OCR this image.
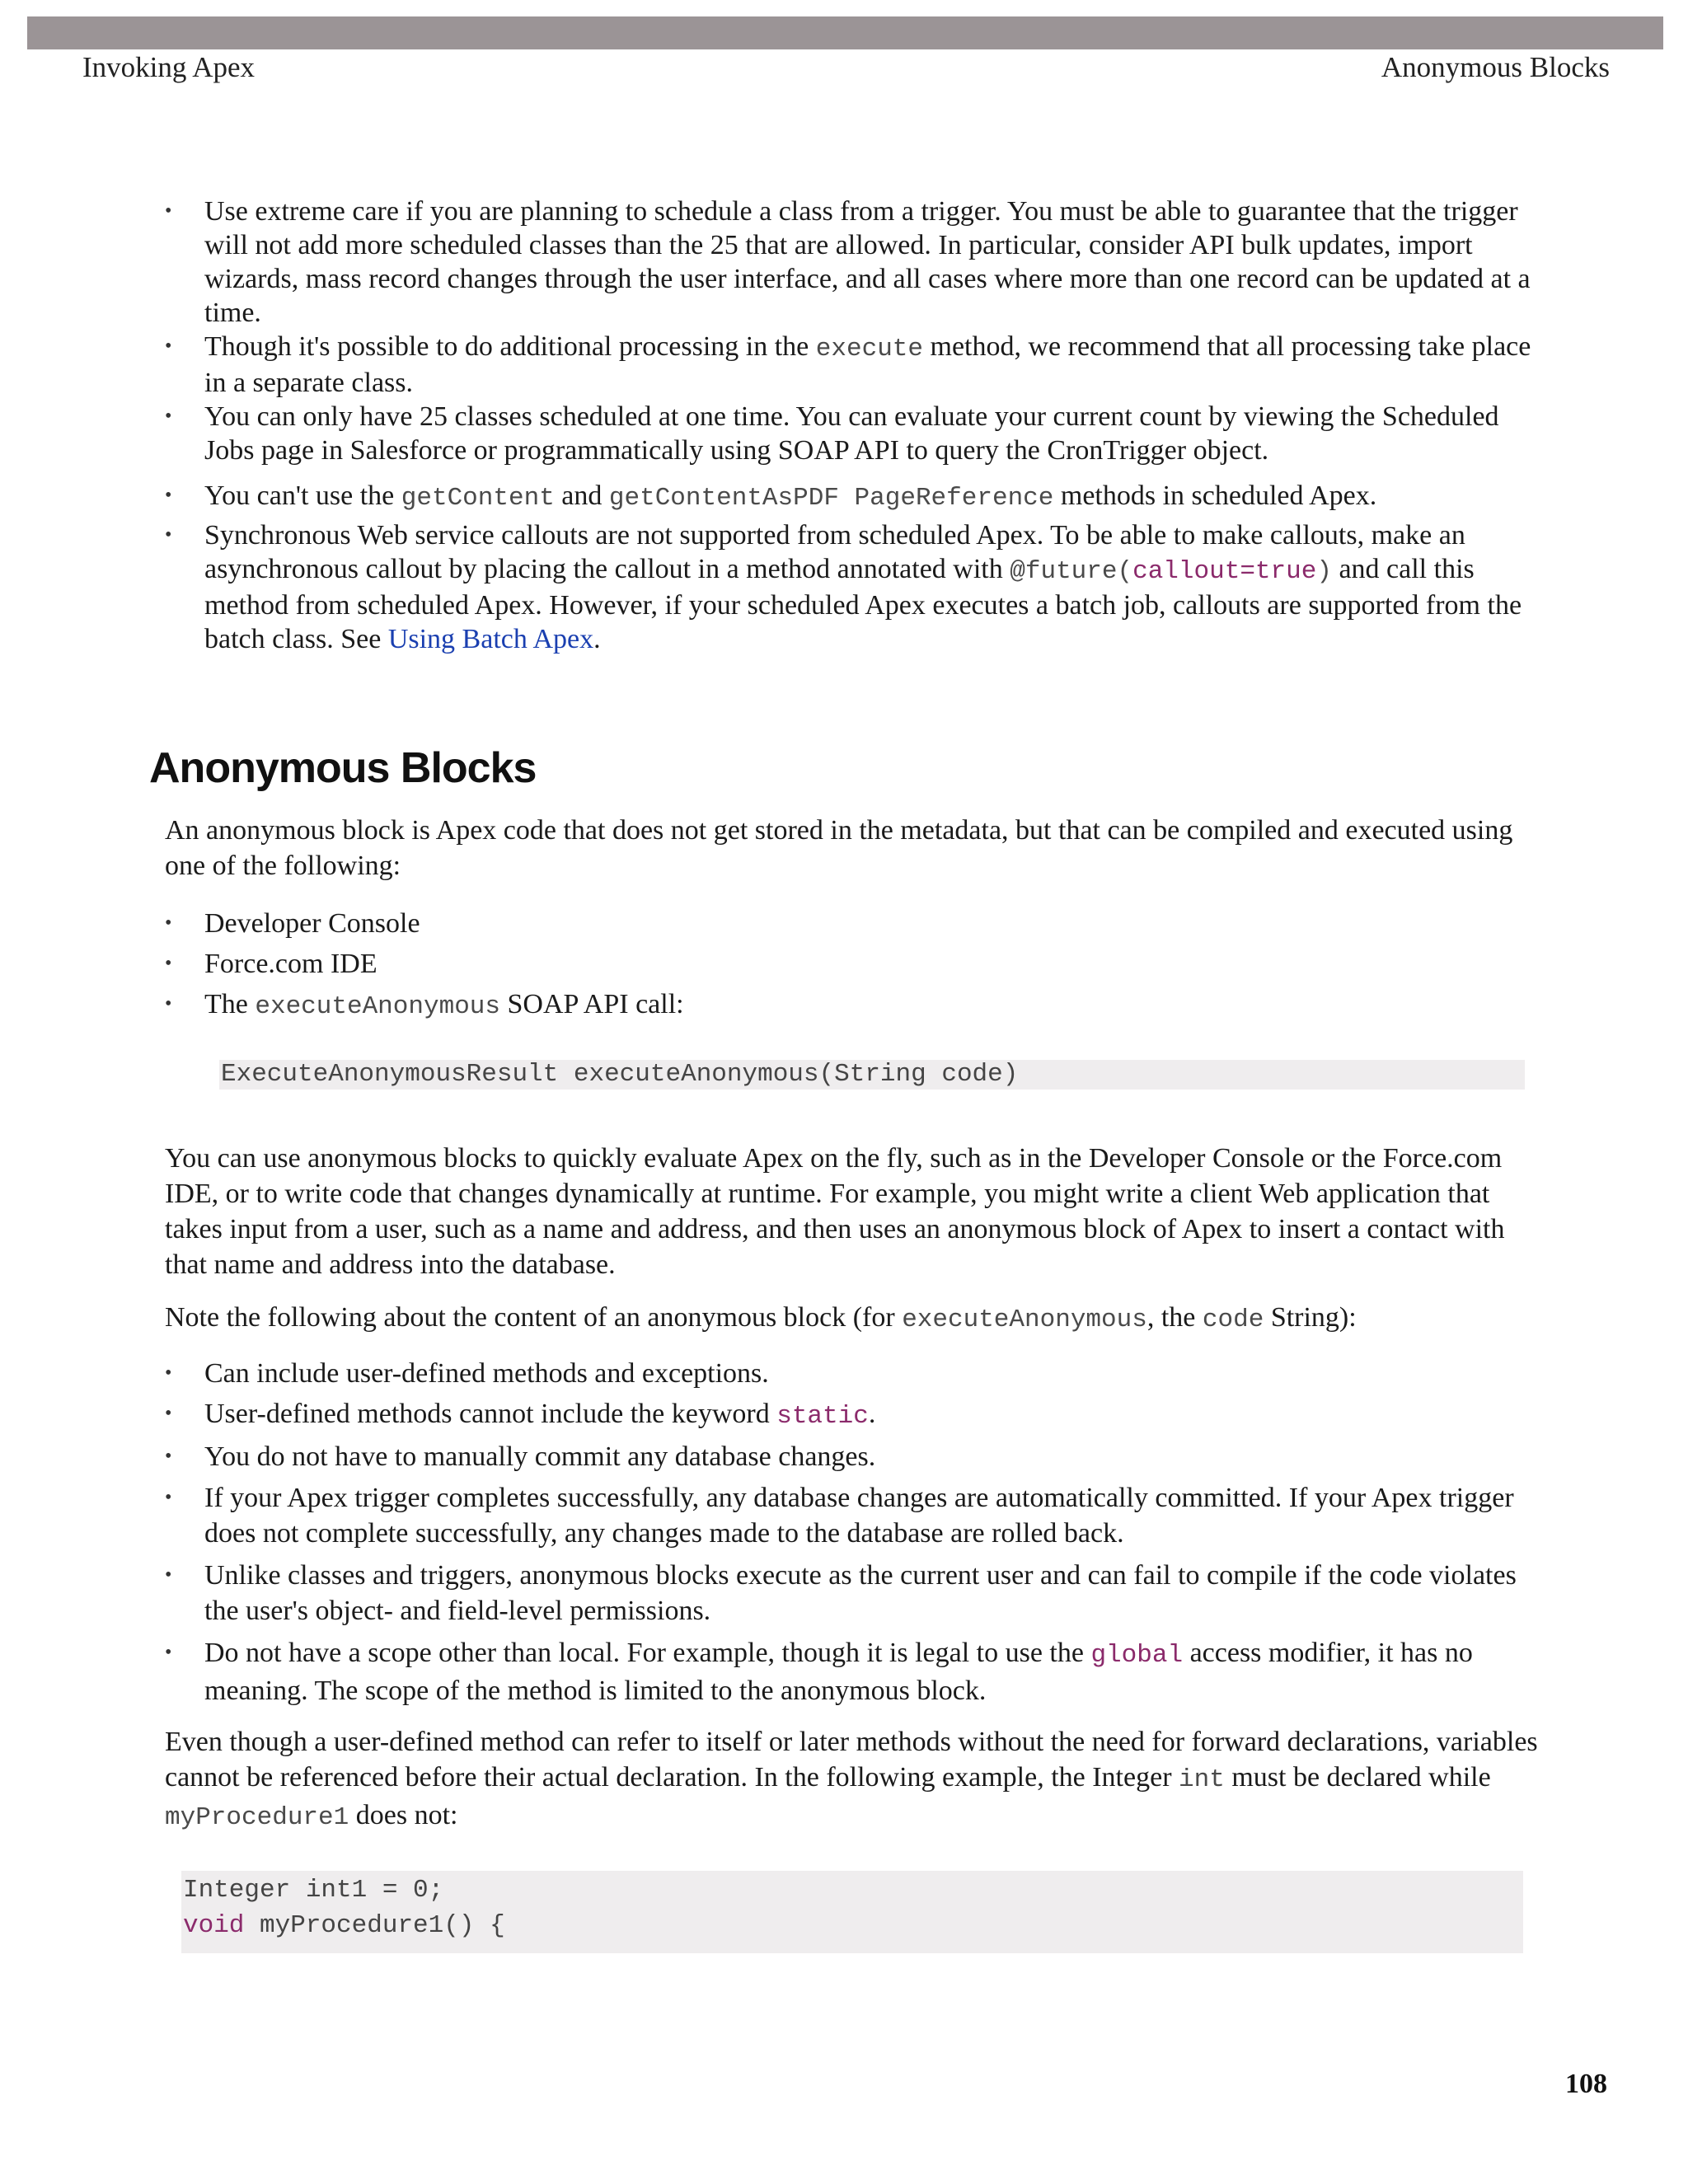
Invoking Apex	Anonymous Blocks
• Use extreme care if you are planning to schedule a class from a trigger. You must be able to guarantee that the trigger will not add more scheduled classes than the 25 that are allowed. In particular, consider API bulk updates, import wizards, mass record changes through the user interface, and all cases where more than one record can be updated at a time.
• Though it's possible to do additional processing in the execute method, we recommend that all processing take place in a separate class.
• You can only have 25 classes scheduled at one time. You can evaluate your current count by viewing the Scheduled Jobs page in Salesforce or programmatically using SOAP API to query the CronTrigger object.
• You can't use the getContent and getContentAsPDF PageReference methods in scheduled Apex.
• Synchronous Web service callouts are not supported from scheduled Apex. To be able to make callouts, make an asynchronous callout by placing the callout in a method annotated with @future(callout=true) and call this method from scheduled Apex. However, if your scheduled Apex executes a batch job, callouts are supported from the batch class. See Using Batch Apex.
Anonymous Blocks

An anonymous block is Apex code that does not get stored in the metadata, but that can be compiled and executed using one of the following:

• Developer Console
• Force.com IDE
• The executeAnonymous SOAP API call:
ExecuteAnonymousResult executeAnonymous(String code)

You can use anonymous blocks to quickly evaluate Apex on the fly, such as in the Developer Console or the Force.com IDE, or to write code that changes dynamically at runtime. For example, you might write a client Web application that takes input from a user, such as a name and address, and then uses an anonymous block of Apex to insert a contact with that name and address into the database.

Note the following about the content of an anonymous block (for executeAnonymous, the code String):

• Can include user-defined methods and exceptions.
• User-defined methods cannot include the keyword static.
• You do not have to manually commit any database changes.
• If your Apex trigger completes successfully, any database changes are automatically committed. If your Apex trigger does not complete successfully, any changes made to the database are rolled back.
• Unlike classes and triggers, anonymous blocks execute as the current user and can fail to compile if the code violates the user's object- and field-level permissions.
• Do not have a scope other than local. For example, though it is legal to use the global access modifier, it has no meaning. The scope of the method is limited to the anonymous block.

Even though a user-defined method can refer to itself or later methods without the need for forward declarations, variables cannot be referenced before their actual declaration. In the following example, the Integer int must be declared while myProcedure1 does not:

Integer int1 = 0;
void myProcedure1() {
108
